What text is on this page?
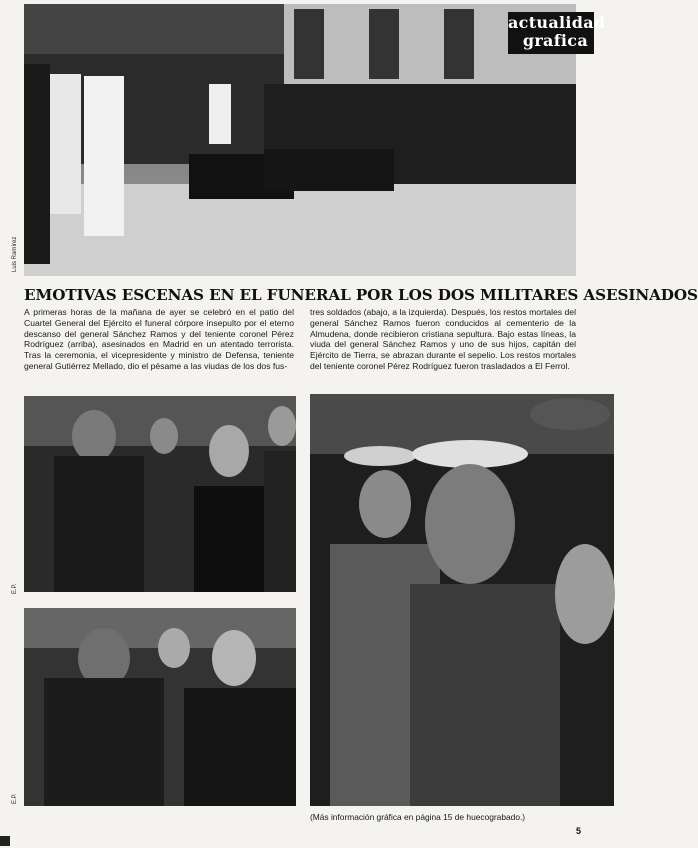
Luis Ramírez
actualidad
grafica
EMOTIVAS ESCENAS EN EL FUNERAL POR LOS DOS MILITARES ASESINADOS
A primeras horas de la mañana de ayer se celebró en el patio del Cuartel General del Ejército el funeral córpore insepulto por el eterno descanso del general Sánchez Ramos y del teniente coronel Pérez Rodríguez (arriba), asesinados en Madrid en un atentado terrorista. Tras la ceremonia, el vicepresidente y ministro de Defensa, teniente general Gutiérrez Mellado, dio el pésame a las viudas de los dos fus-
tres soldados (abajo, a la izquierda). Después, los restos mortales del general Sánchez Ramos fueron conducidos al cementerio de la Almudena, donde recibieron cristiana sepultura. Bajo estas líneas, la viuda del general Sánchez Ramos y uno de sus hijos, capitán del Ejército de Tierra, se abrazan durante el sepelio. Los restos mortales del teniente coronel Pérez Rodríguez fueron trasladados a El Ferrol.
E.P.
E.P.
(Más información gráfica en página 15 de huecograbado.)
5
